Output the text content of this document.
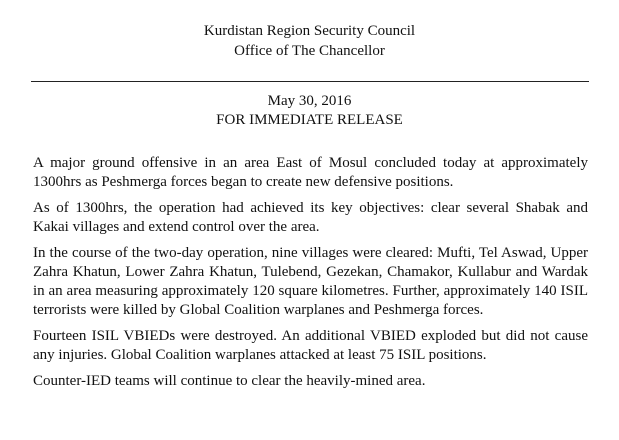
Kurdistan Region Security Council
Office of The Chancellor
May 30, 2016
FOR IMMEDIATE RELEASE

A major ground offensive in an area East of Mosul concluded today at approximately 1300hrs as Peshmerga forces began to create new defensive positions.

As of 1300hrs, the operation had achieved its key objectives: clear several Shabak and Kakai villages and extend control over the area.

In the course of the two-day operation, nine villages were cleared: Mufti, Tel Aswad, Upper Zahra Khatun, Lower Zahra Khatun, Tulebend, Gezekan, Chamakor, Kullabur and Wardak in an area measuring approximately 120 square kilometres. Further, approximately 140 ISIL terrorists were killed by Global Coalition warplanes and Peshmerga forces.

Fourteen ISIL VBIEDs were destroyed. An additional VBIED exploded but did not cause any injuries. Global Coalition warplanes attacked at least 75 ISIL positions.

Counter-IED teams will continue to clear the heavily-mined area.
